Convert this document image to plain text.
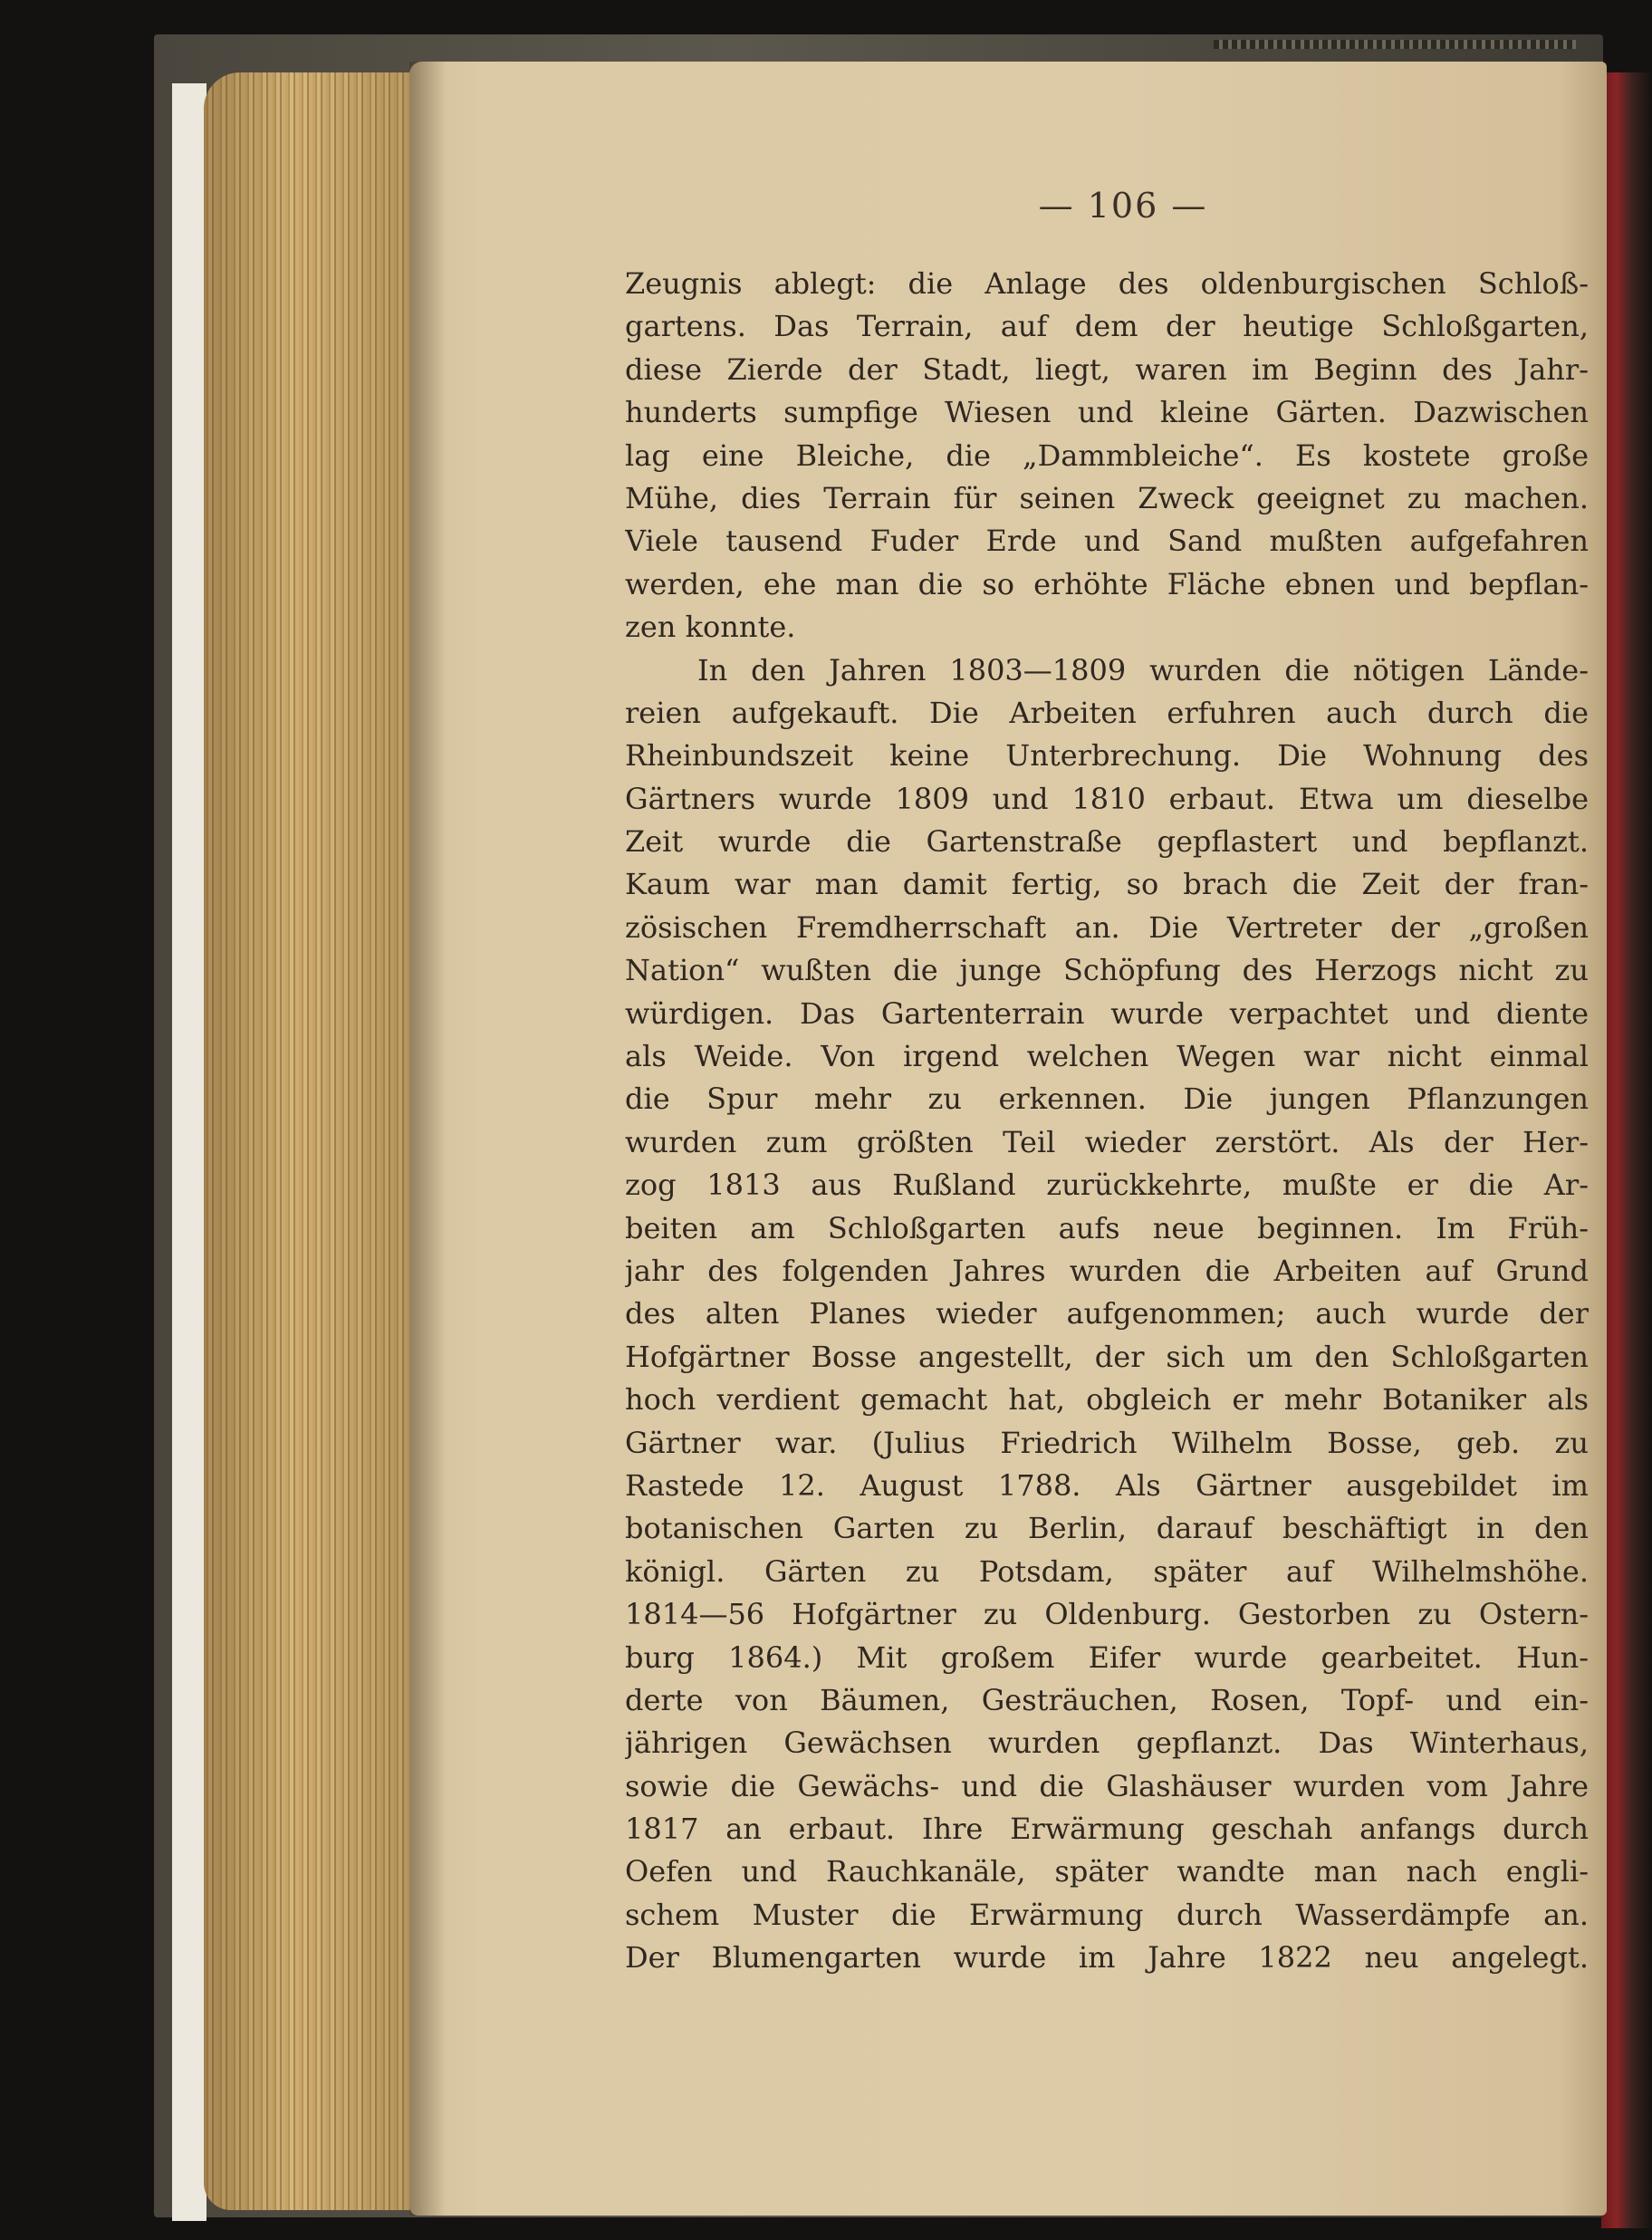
— 106 —
Zeugnis ablegt: die Anlage des oldenburgischen Schloß-
gartens. Das Terrain, auf dem der heutige Schloßgarten,
diese Zierde der Stadt, liegt, waren im Beginn des Jahr-
hunderts sumpfige Wiesen und kleine Gärten. Dazwischen
lag eine Bleiche, die „Dammbleiche“. Es kostete große
Mühe, dies Terrain für seinen Zweck geeignet zu machen.
Viele tausend Fuder Erde und Sand mußten aufgefahren
werden, ehe man die so erhöhte Fläche ebnen und bepflan-
zen konnte.
In den Jahren 1803—1809 wurden die nötigen Lände-
reien aufgekauft. Die Arbeiten erfuhren auch durch die
Rheinbundszeit keine Unterbrechung. Die Wohnung des
Gärtners wurde 1809 und 1810 erbaut. Etwa um dieselbe
Zeit wurde die Gartenstraße gepflastert und bepflanzt.
Kaum war man damit fertig, so brach die Zeit der fran-
zösischen Fremdherrschaft an. Die Vertreter der „großen
Nation“ wußten die junge Schöpfung des Herzogs nicht zu
würdigen. Das Gartenterrain wurde verpachtet und diente
als Weide. Von irgend welchen Wegen war nicht einmal
die Spur mehr zu erkennen. Die jungen Pflanzungen
wurden zum größten Teil wieder zerstört. Als der Her-
zog 1813 aus Rußland zurückkehrte, mußte er die Ar-
beiten am Schloßgarten aufs neue beginnen. Im Früh-
jahr des folgenden Jahres wurden die Arbeiten auf Grund
des alten Planes wieder aufgenommen; auch wurde der
Hofgärtner Bosse angestellt, der sich um den Schloßgarten
hoch verdient gemacht hat, obgleich er mehr Botaniker als
Gärtner war. (Julius Friedrich Wilhelm Bosse, geb. zu
Rastede 12. August 1788. Als Gärtner ausgebildet im
botanischen Garten zu Berlin, darauf beschäftigt in den
königl. Gärten zu Potsdam, später auf Wilhelmshöhe.
1814—56 Hofgärtner zu Oldenburg. Gestorben zu Ostern-
burg 1864.) Mit großem Eifer wurde gearbeitet. Hun-
derte von Bäumen, Gesträuchen, Rosen, Topf- und ein-
jährigen Gewächsen wurden gepflanzt. Das Winterhaus,
sowie die Gewächs- und die Glashäuser wurden vom Jahre
1817 an erbaut. Ihre Erwärmung geschah anfangs durch
Oefen und Rauchkanäle, später wandte man nach engli-
schem Muster die Erwärmung durch Wasserdämpfe an.
Der Blumengarten wurde im Jahre 1822 neu angelegt.
